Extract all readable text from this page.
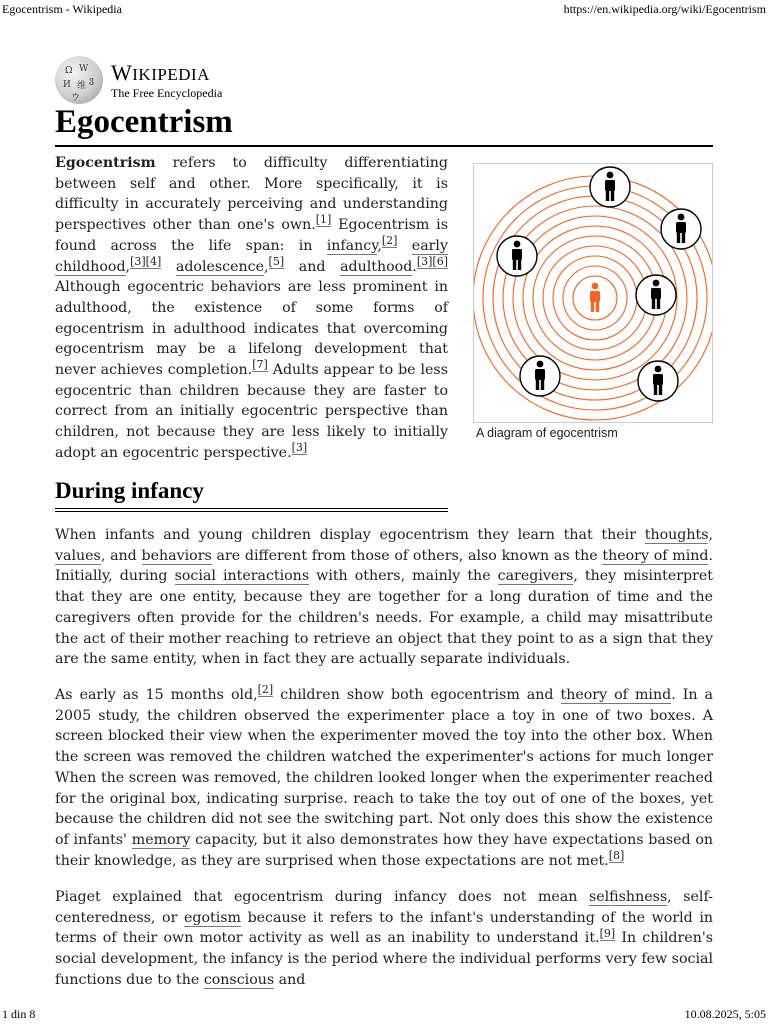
Egocentrism - Wikipedia	https://en.wikipedia.org/wiki/Egocentrism
Ω W
И 维 ვ
ウ
WIKIPEDIA
The Free Encyclopedia
Egocentrism
Egocentrism refers to difficulty differentiating between self and other. More specifically, it is difficulty in accurately perceiving and understanding perspectives other than one's own.[1] Egocentrism is found across the life span: in infancy,[2] early childhood,[3][4] adolescence,[5] and adulthood.[3][6] Although egocentric behaviors are less prominent in adulthood, the existence of some forms of egocentrism in adulthood indicates that overcoming egocentrism may be a lifelong development that never achieves completion.[7] Adults appear to be less egocentric than children because they are faster to correct from an initially egocentric perspective than children, not because they are less likely to initially adopt an egocentric perspective.[3]
A diagram of egocentrism
During infancy
When infants and young children display egocentrism they learn that their thoughts, values, and behaviors are different from those of others, also known as the theory of mind. Initially, during social interactions with others, mainly the caregivers, they misinterpret that they are one entity, because they are together for a long duration of time and the caregivers often provide for the children's needs. For example, a child may misattribute the act of their mother reaching to retrieve an object that they point to as a sign that they are the same entity, when in fact they are actually separate individuals.
As early as 15 months old,[2] children show both egocentrism and theory of mind. In a 2005 study, the children observed the experimenter place a toy in one of two boxes. A screen blocked their view when the experimenter moved the toy into the other box. When the screen was removed the children watched the experimenter's actions for much longer When the screen was removed, the children looked longer when the experimenter reached for the original box, indicating surprise. reach to take the toy out of one of the boxes, yet because the children did not see the switching part. Not only does this show the existence of infants' memory capacity, but it also demonstrates how they have expectations based on their knowledge, as they are surprised when those expectations are not met.[8]
Piaget explained that egocentrism during infancy does not mean selfishness, self-centeredness, or egotism because it refers to the infant's understanding of the world in terms of their own motor activity as well as an inability to understand it.[9] In children's social development, the infancy is the period where the individual performs very few social functions due to the conscious and
1 din 8	10.08.2025, 5:05
